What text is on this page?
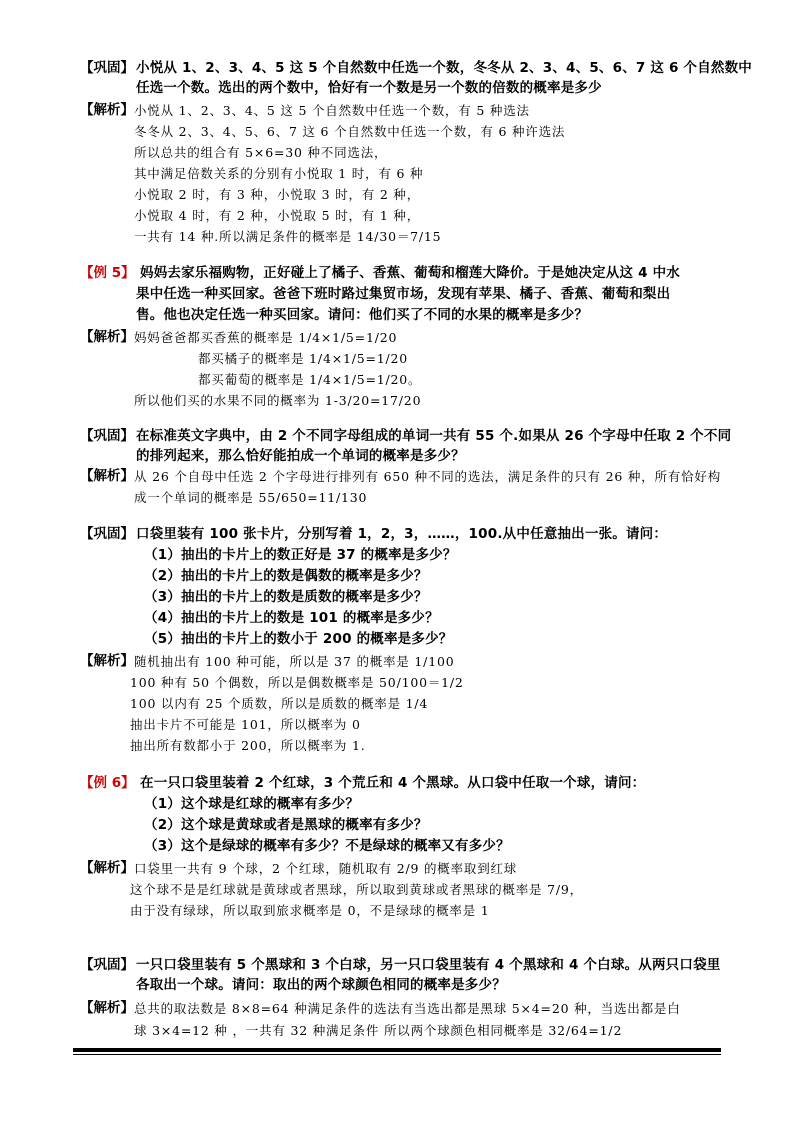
【巩固】 小悦从 1、2、3、4、5 这 5 个自然数中任选一个数，冬冬从 2、3、4、5、6、7 这 6 个自然数中
任选一个数。选出的两个数中，恰好有一个数是另一个数的倍数的概率是多少
【解析】 小悦从 1、2、3、4、5 这 5 个自然数中任选一个数，有 5 种选法
冬冬从 2、3、4、5、6、7 这 6 个自然数中任选一个数，有 6 种许选法
所以总共的组合有 5×6=30 种不同选法，
其中满足倍数关系的分别有小悦取 1 时，有 6 种
小悦取 2 时，有 3 种，小悦取 3 时，有 2 种，
小悦取 4 时，有 2 种，小悦取 5 时，有 1 种，
一共有 14 种.所以满足条件的概率是 14/30＝7/15
【例 5】 妈妈去家乐福购物，正好碰上了橘子、香蕉、葡萄和榴莲大降价。于是她决定从这 4 中水
果中任选一种买回家。爸爸下班时路过集贸市场，发现有苹果、橘子、香蕉、葡萄和梨出
售。他也决定任选一种买回家。请问：他们买了不同的水果的概率是多少？
【解析】 妈妈爸爸都买香蕉的概率是 1/4×1/5=1/20
都买橘子的概率是 1/4×1/5=1/20
都买葡萄的概率是 1/4×1/5=1/20。
所以他们买的水果不同的概率为 1-3/20=17/20
【巩固】 在标准英文字典中，由 2 个不同字母组成的单词一共有 55 个.如果从 26 个字母中任取 2 个不同
的排列起来，那么恰好能拍成一个单词的概率是多少？
【解析】 从 26 个自母中任选 2 个字母进行排列有 650 种不同的选法，满足条件的只有 26 种，所有恰好构
成一个单词的概率是 55/650=11/130
【巩固】 口袋里装有 100 张卡片，分别写着 1，2，3，……，100.从中任意抽出一张。请问：
（1）抽出的卡片上的数正好是 37 的概率是多少？
（2）抽出的卡片上的数是偶数的概率是多少？
（3）抽出的卡片上的数是质数的概率是多少？
（4）抽出的卡片上的数是 101 的概率是多少？
（5）抽出的卡片上的数小于 200 的概率是多少？
【解析】 随机抽出有 100 种可能，所以是 37 的概率是 1/100
100 种有 50 个偶数，所以是偶数概率是 50/100＝1/2
100 以内有 25 个质数，所以是质数的概率是 1/4
抽出卡片不可能是 101，所以概率为 0
抽出所有数都小于 200，所以概率为 1.
【例 6】 在一只口袋里装着 2 个红球，3 个荒丘和 4 个黑球。从口袋中任取一个球，请问：
（1）这个球是红球的概率有多少？
（2）这个球是黄球或者是黑球的概率有多少？
（3）这个是绿球的概率有多少？不是绿球的概率又有多少？
【解析】 口袋里一共有 9 个球，2 个红球，随机取有 2/9 的概率取到红球
这个球不是是红球就是黄球或者黑球，所以取到黄球或者黑球的概率是 7/9，
由于没有绿球，所以取到旅求概率是 0，不是绿球的概率是 1
【巩固】 一只口袋里装有 5 个黑球和 3 个白球，另一只口袋里装有 4 个黑球和 4 个白球。从两只口袋里
各取出一个球。请问：取出的两个球颜色相同的概率是多少？
【解析】 总共的取法数是 8×8=64 种满足条件的选法有当选出都是黑球 5×4=20 种，当选出都是白
球 3×4=12 种 ，一共有 32 种满足条件 所以两个球颜色相同概率是 32/64=1/2
